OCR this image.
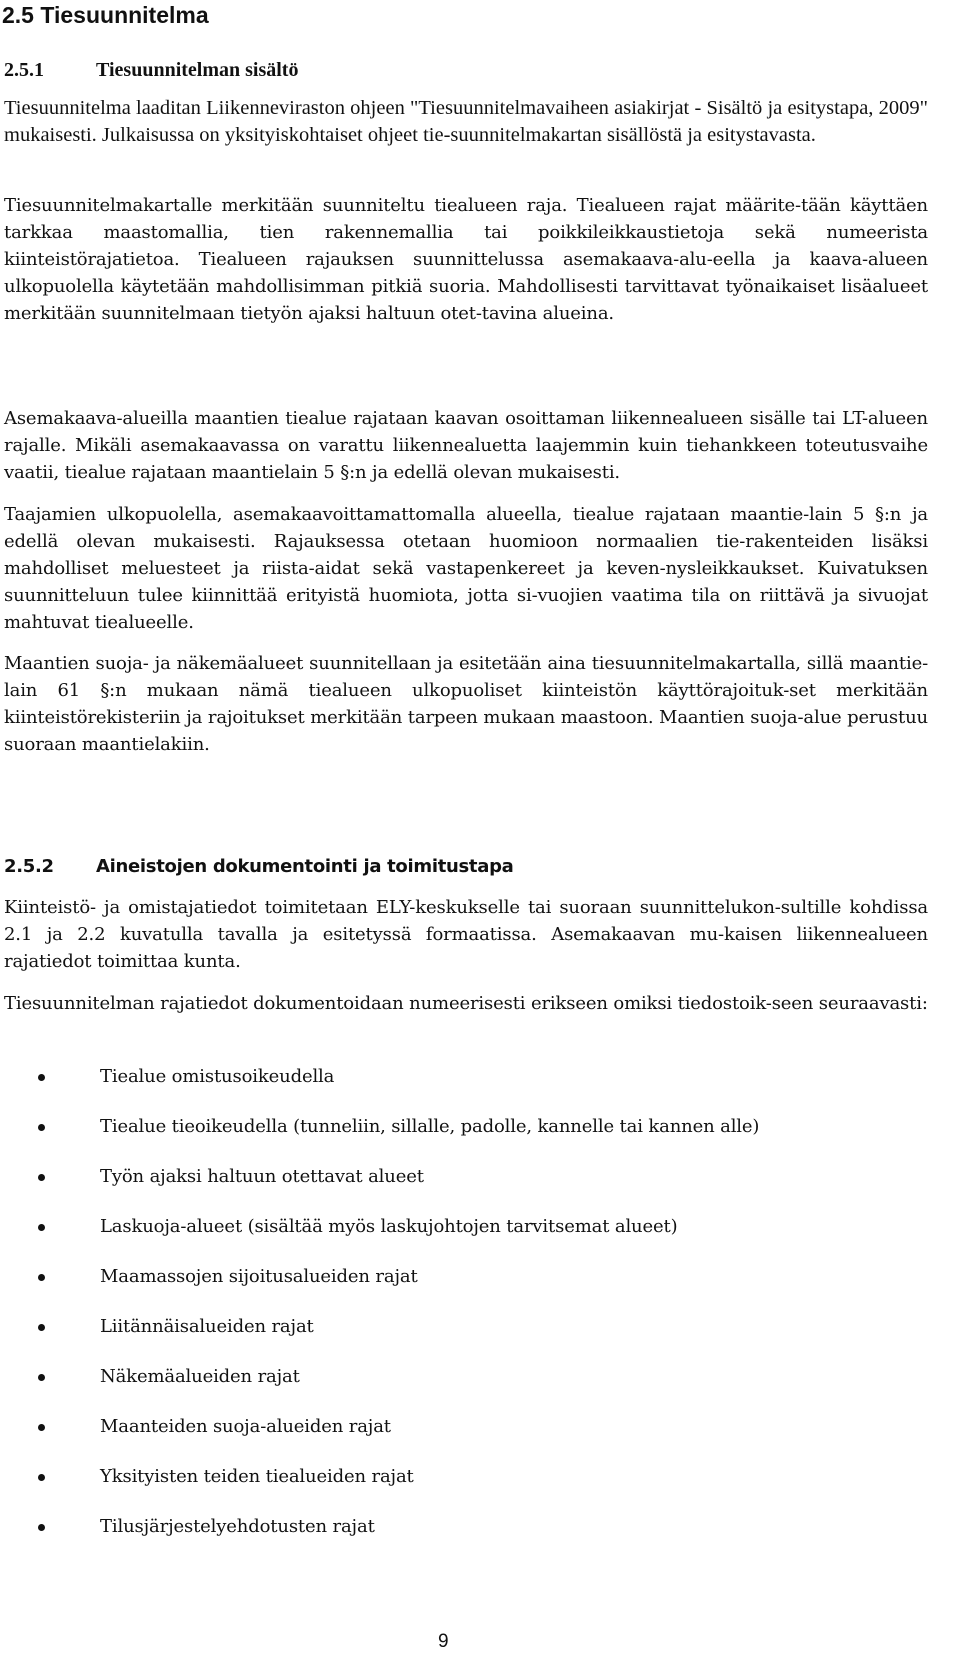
2.5 Tiesuunnitelma
2.5.1	Tiesuunnitelman sisältö

Tiesuunnitelma laaditan Liikenneviraston ohjeen "Tiesuunnitelmavaiheen asiakirjat - Sisältö ja esitystapa, 2009" mukaisesti. Julkaisussa on yksityiskohtaiset ohjeet tie-suunnitelmakartan sisällöstä ja esitystavasta.

Tiesuunnitelmakartalle merkitään suunniteltu tiealueen raja. Tiealueen rajat määrite-tään käyttäen tarkkaa maastomallia, tien rakennemallia tai poikkileikkaustietoja sekä numeerista kiinteistörajatietoa. Tiealueen rajauksen suunnittelussa asemakaava-alu-eella ja kaava-alueen ulkopuolella käytetään mahdollisimman pitkiä suoria. Mahdollisesti tarvittavat työnaikaiset lisäalueet merkitään suunnitelmaan tietyön ajaksi haltuun otet-tavina alueina.

Asemakaava-alueilla maantien tiealue rajataan kaavan osoittaman liikennealueen sisälle tai LT-alueen rajalle. Mikäli asemakaavassa on varattu liikennealuetta laajemmin kuin tiehankkeen toteutusvaihe vaatii, tiealue rajataan maantielain 5 §:n ja edellä olevan mukaisesti.

Taajamien ulkopuolella, asemakaavoittamattomalla alueella, tiealue rajataan maantie-lain 5 §:n ja edellä olevan mukaisesti. Rajauksessa otetaan huomioon normaalien tie-rakenteiden lisäksi mahdolliset meluesteet ja riista-aidat sekä vastapenkereet ja keven-nysleikkaukset. Kuivatuksen suunnitteluun tulee kiinnittää erityistä huomiota, jotta si-vuojien vaatima tila on riittävä ja sivuojat mahtuvat tiealueelle.

Maantien suoja- ja näkemäalueet suunnitellaan ja esitetään aina tiesuunnitelmakartalla, sillä maantie- lain 61 §:n mukaan nämä tiealueen ulkopuoliset kiinteistön käyttörajoituk-set merkitään kiinteistörekisteriin ja rajoitukset merkitään tarpeen mukaan maastoon. Maantien suoja-alue perustuu suoraan maantielakiin.

2.5.2 Aineistojen dokumentointi ja toimitustapa

Kiinteistö- ja omistajatiedot toimitetaan ELY-keskukselle tai suoraan suunnittelukon-sultille kohdissa 2.1 ja 2.2 kuvatulla tavalla ja esitetyssä formaatissa. Asemakaavan mu-kaisen liikennealueen rajatiedot toimittaa kunta.

Tiesuunnitelman rajatiedot dokumentoidaan numeerisesti erikseen omiksi tiedostoik-seen seuraavasti:

Tiealue omistusoikeudella
Tiealue tieoikeudella (tunneliin, sillalle, padolle, kannelle tai kannen alle)
Työn ajaksi haltuun otettavat alueet
Laskuoja-alueet (sisältää myös laskujohtojen tarvitsemat alueet)
Maamassojen sijoitusalueiden rajat
Liitännäisalueiden rajat
Näkemäalueiden rajat
Maanteiden suoja-alueiden rajat
Yksityisten teiden tiealueiden rajat
Tilusjärjestelyehdotusten rajat
9
